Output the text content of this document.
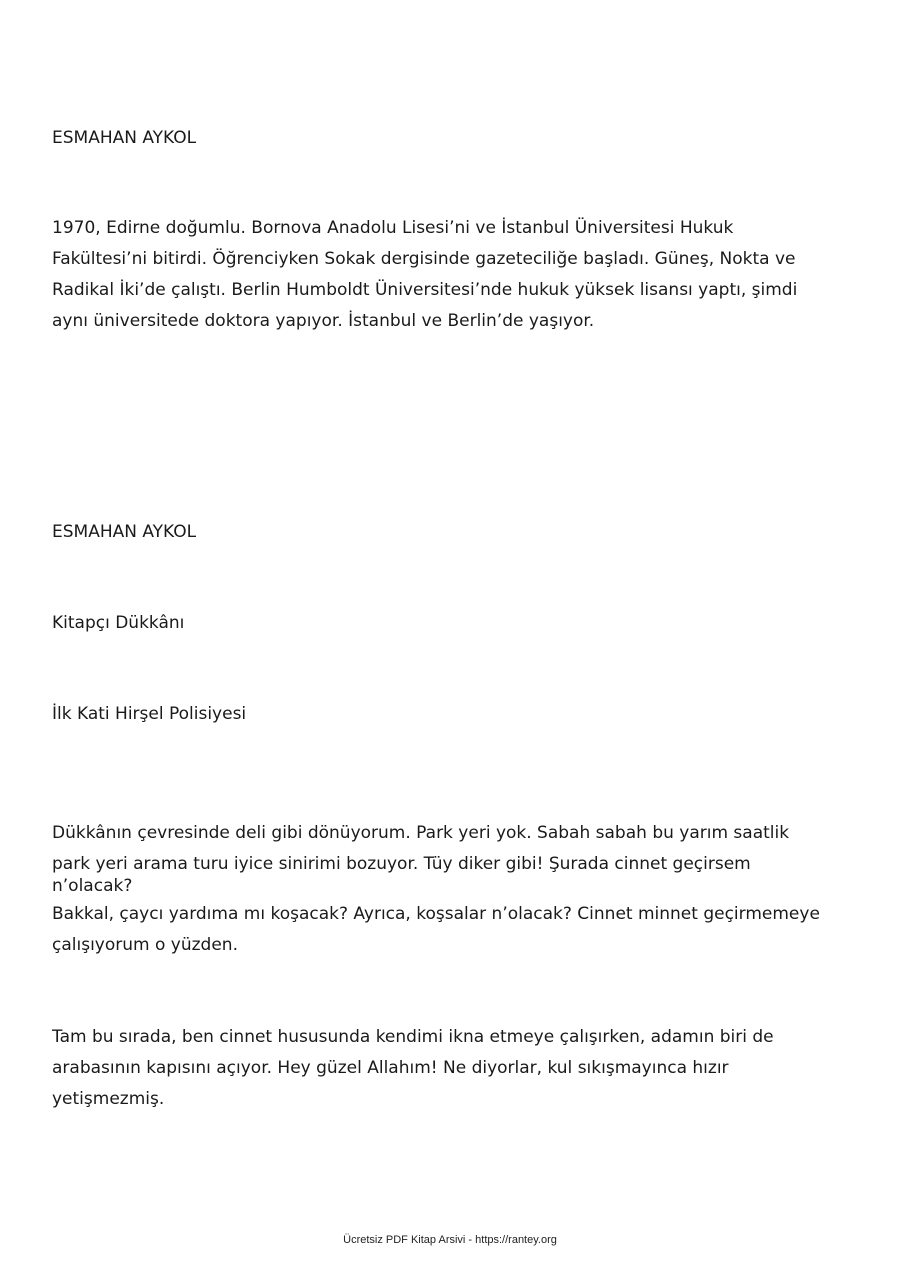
ESMAHAN AYKOL
1970, Edirne doğumlu. Bornova Anadolu Lisesi’ni ve İstanbul Üniversitesi Hukuk
Fakültesi’ni bitirdi. Öğrenciyken Sokak dergisinde gazeteciliğe başladı. Güneş, Nokta ve
Radikal İki’de çalıştı. Berlin Humboldt Üniversitesi’nde hukuk yüksek lisansı yaptı, şimdi
aynı üniversitede doktora yapıyor. İstanbul ve Berlin’de yaşıyor.
ESMAHAN AYKOL
Kitapçı Dükkânı
İlk Kati Hirşel Polisiyesi
Dükkânın çevresinde deli gibi dönüyorum. Park yeri yok. Sabah sabah bu yarım saatlik
park yeri arama turu iyice sinirimi bozuyor. Tüy diker gibi! Şurada cinnet geçirsem
n’olacak?
Bakkal, çaycı yardıma mı koşacak? Ayrıca, koşsalar n’olacak? Cinnet minnet geçirmemeye
çalışıyorum o yüzden.
Tam bu sırada, ben cinnet hususunda kendimi ikna etmeye çalışırken, adamın biri de
arabasının kapısını açıyor. Hey güzel Allahım! Ne diyorlar, kul sıkışmayınca hızır
yetişmezmiş.
Ücretsiz PDF Kitap Arsivi - https://rantey.org
